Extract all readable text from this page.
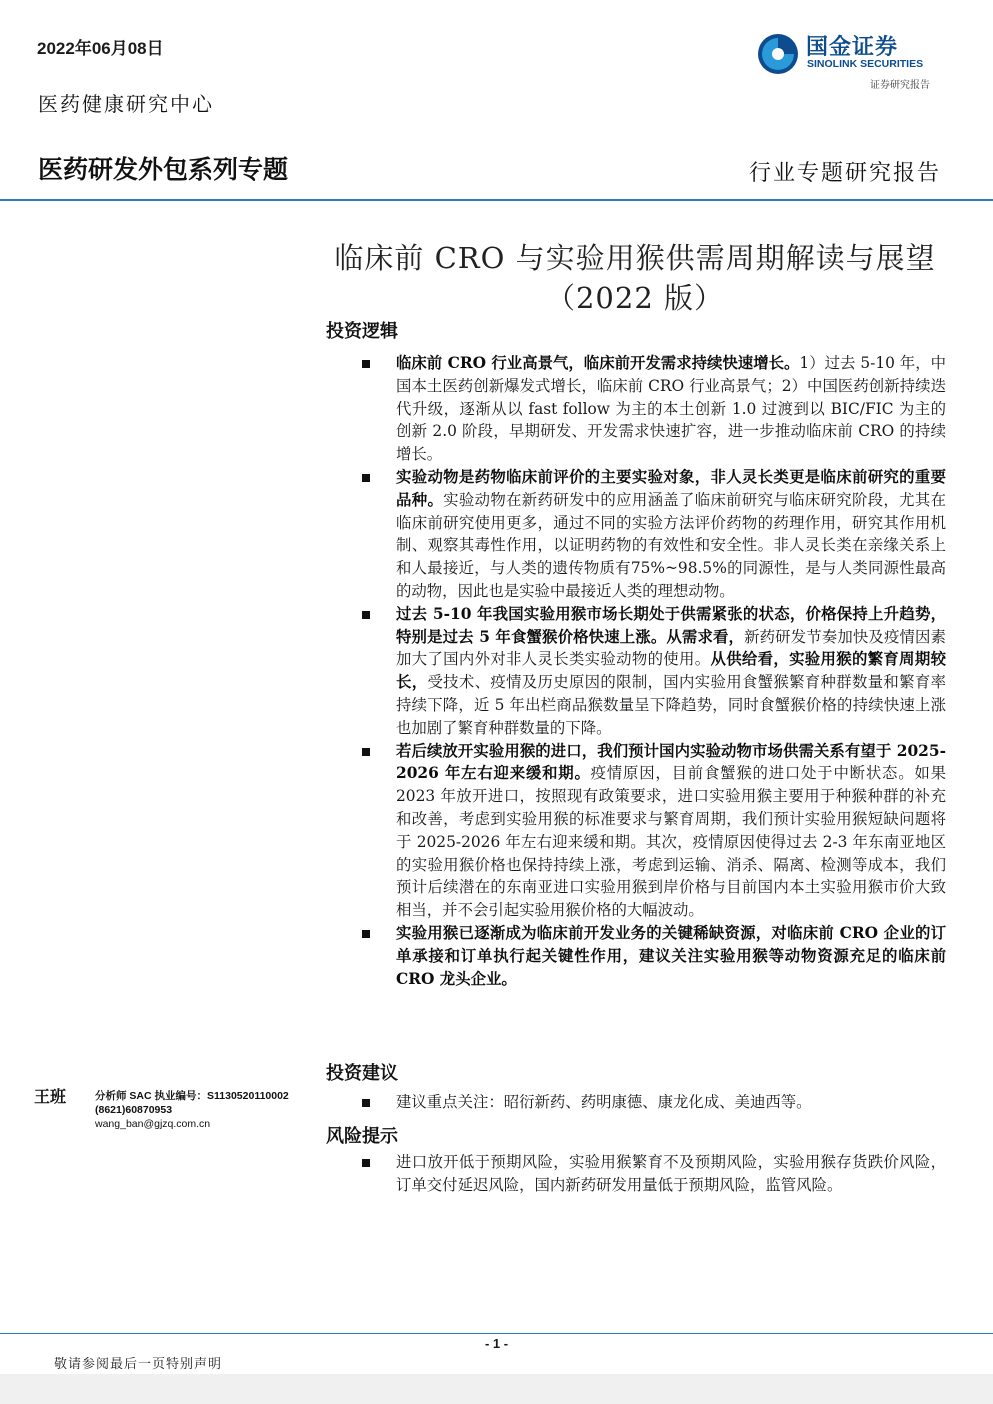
2022年06月08日
医药健康研究中心
医药研发外包系列专题	行业专题研究报告
国金证券
SINOLINK SECURITIES
证券研究报告
临床前 CRO 与实验用猴供需周期解读与展望
（2022 版）
投资逻辑
临床前 CRO 行业高景气，临床前开发需求持续快速增长。1）过去 5-10 年，中国本土医药创新爆发式增长，临床前 CRO 行业高景气；2）中国医药创新持续迭代升级，逐渐从以 fast follow 为主的本土创新 1.0 过渡到以 BIC/FIC 为主的创新 2.0 阶段，早期研发、开发需求快速扩容，进一步推动临床前 CRO 的持续增长。
实验动物是药物临床前评价的主要实验对象，非人灵长类更是临床前研究的重要品种。实验动物在新药研发中的应用涵盖了临床前研究与临床研究阶段，尤其在临床前研究使用更多，通过不同的实验方法评价药物的药理作用，研究其作用机制、观察其毒性作用，以证明药物的有效性和安全性。非人灵长类在亲缘关系上和人最接近，与人类的遗传物质有75%~98.5%的同源性，是与人类同源性最高的动物，因此也是实验中最接近人类的理想动物。
过去 5-10 年我国实验用猴市场长期处于供需紧张的状态，价格保持上升趋势，特别是过去 5 年食蟹猴价格快速上涨。从需求看，新药研发节奏加快及疫情因素加大了国内外对非人灵长类实验动物的使用。从供给看，实验用猴的繁育周期较长，受技术、疫情及历史原因的限制，国内实验用食蟹猴繁育种群数量和繁育率持续下降，近 5 年出栏商品猴数量呈下降趋势，同时食蟹猴价格的持续快速上涨也加剧了繁育种群数量的下降。
若后续放开实验用猴的进口，我们预计国内实验动物市场供需关系有望于 2025-2026 年左右迎来缓和期。疫情原因，目前食蟹猴的进口处于中断状态。如果 2023 年放开进口，按照现有政策要求，进口实验用猴主要用于种猴种群的补充和改善，考虑到实验用猴的标准要求与繁育周期，我们预计实验用猴短缺问题将于 2025-2026 年左右迎来缓和期。其次，疫情原因使得过去 2-3 年东南亚地区的实验用猴价格也保持持续上涨，考虑到运输、消杀、隔离、检测等成本，我们预计后续潜在的东南亚进口实验用猴到岸价格与目前国内本土实验用猴市价大致相当，并不会引起实验用猴价格的大幅波动。
实验用猴已逐渐成为临床前开发业务的关键稀缺资源，对临床前 CRO 企业的订单承接和订单执行起关键性作用，建议关注实验用猴等动物资源充足的临床前 CRO 龙头企业。
投资建议
建议重点关注：昭衍新药、药明康德、康龙化成、美迪西等。
风险提示
进口放开低于预期风险，实验用猴繁育不及预期风险，实验用猴存货跌价风险，订单交付延迟风险，国内新药研发用量低于预期风险，监管风险。
王班	分析师 SAC 执业编号：S1130520110002
(8621)60870953
wang_ban@gjzq.com.cn
- 1 -
敬请参阅最后一页特别声明
